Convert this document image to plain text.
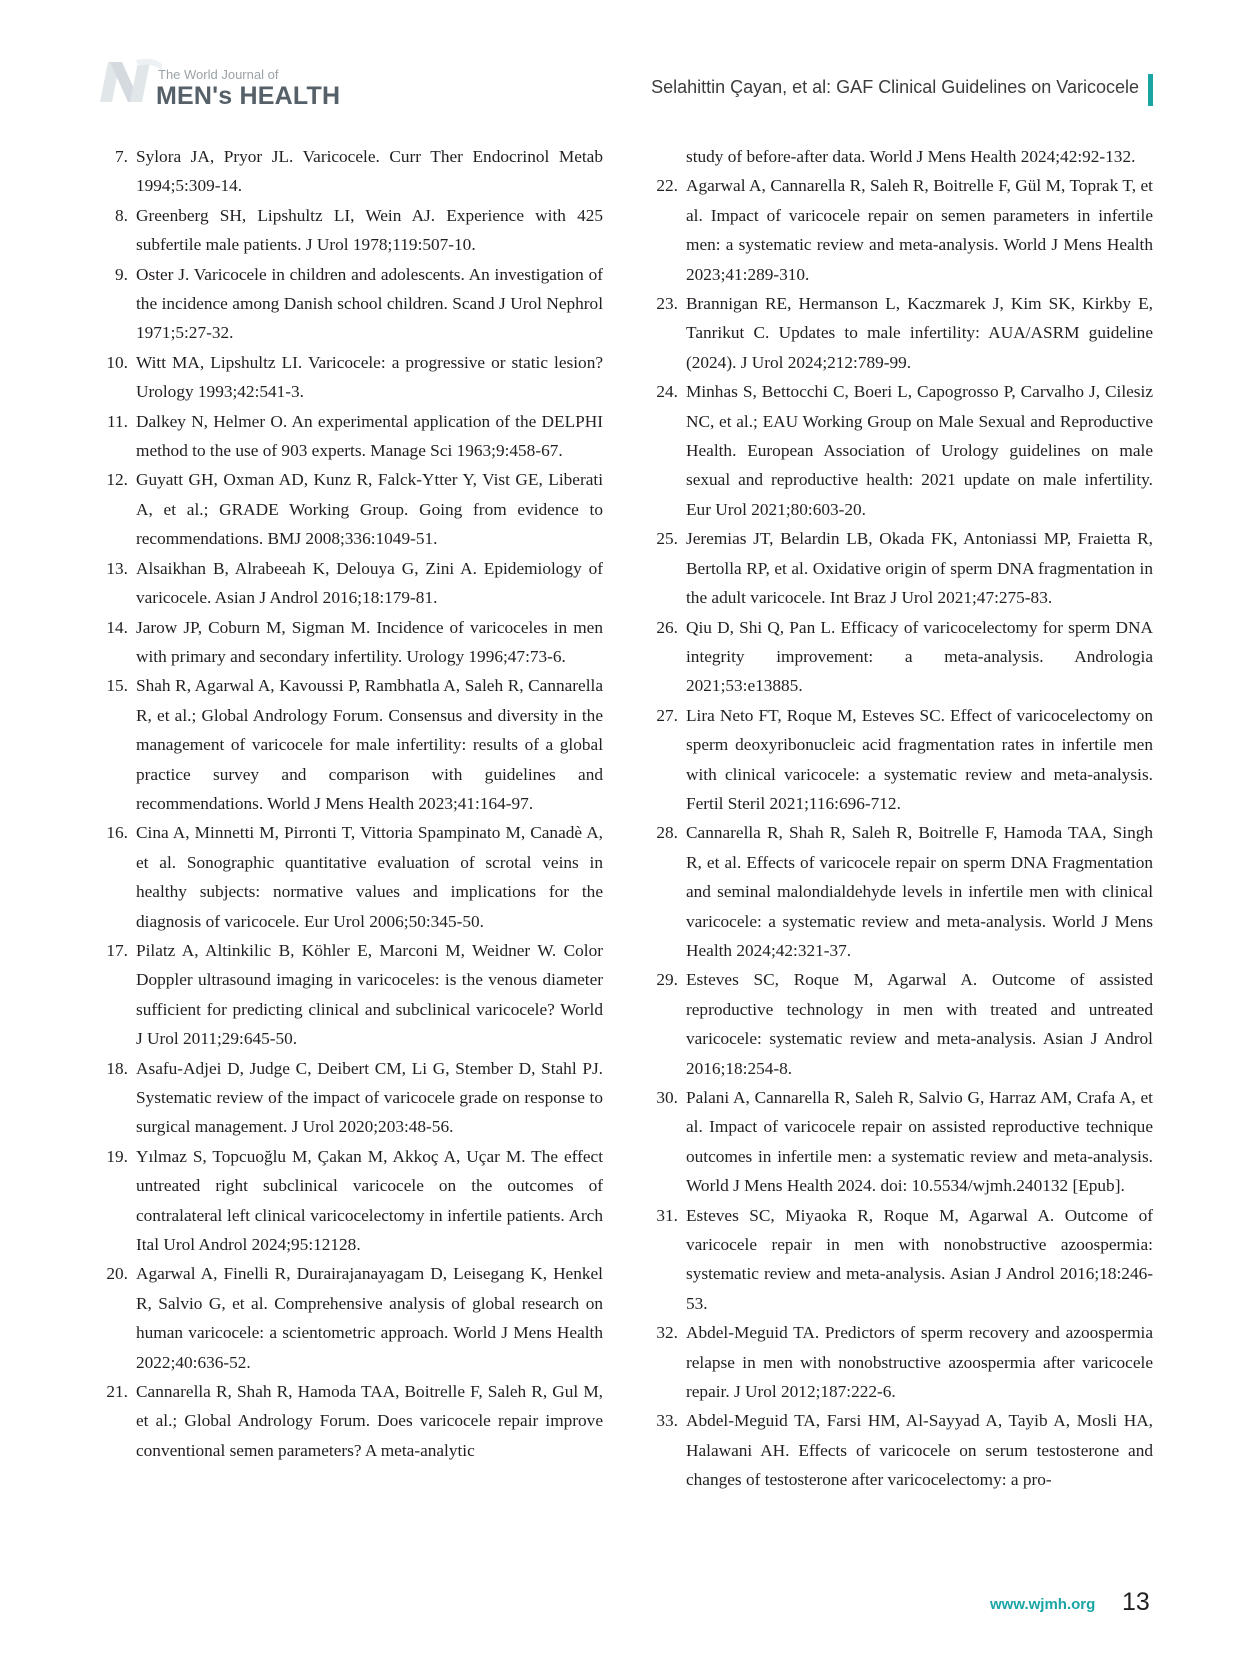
The World Journal of
MEN's HEALTH	Selahittin Çayan, et al: GAF Clinical Guidelines on Varicocele
7. Sylora JA, Pryor JL. Varicocele. Curr Ther Endocrinol Metab 1994;5:309-14.
8. Greenberg SH, Lipshultz LI, Wein AJ. Experience with 425 subfertile male patients. J Urol 1978;119:507-10.
9. Oster J. Varicocele in children and adolescents. An investigation of the incidence among Danish school children. Scand J Urol Nephrol 1971;5:27-32.
10. Witt MA, Lipshultz LI. Varicocele: a progressive or static lesion? Urology 1993;42:541-3.
11. Dalkey N, Helmer O. An experimental application of the DELPHI method to the use of 903 experts. Manage Sci 1963;9:458-67.
12. Guyatt GH, Oxman AD, Kunz R, Falck-Ytter Y, Vist GE, Liberati A, et al.; GRADE Working Group. Going from evidence to recommendations. BMJ 2008;336:1049-51.
13. Alsaikhan B, Alrabeeah K, Delouya G, Zini A. Epidemiology of varicocele. Asian J Androl 2016;18:179-81.
14. Jarow JP, Coburn M, Sigman M. Incidence of varicoceles in men with primary and secondary infertility. Urology 1996;47:73-6.
15. Shah R, Agarwal A, Kavoussi P, Rambhatla A, Saleh R, Cannarella R, et al.; Global Andrology Forum. Consensus and diversity in the management of varicocele for male infertility: results of a global practice survey and comparison with guidelines and recommendations. World J Mens Health 2023;41:164-97.
16. Cina A, Minnetti M, Pirronti T, Vittoria Spampinato M, Canadè A, et al. Sonographic quantitative evaluation of scrotal veins in healthy subjects: normative values and implications for the diagnosis of varicocele. Eur Urol 2006;50:345-50.
17. Pilatz A, Altinkilic B, Köhler E, Marconi M, Weidner W. Color Doppler ultrasound imaging in varicoceles: is the venous diameter sufficient for predicting clinical and subclinical varicocele? World J Urol 2011;29:645-50.
18. Asafu-Adjei D, Judge C, Deibert CM, Li G, Stember D, Stahl PJ. Systematic review of the impact of varicocele grade on response to surgical management. J Urol 2020;203:48-56.
19. Yılmaz S, Topcuoğlu M, Çakan M, Akkoç A, Uçar M. The effect untreated right subclinical varicocele on the outcomes of contralateral left clinical varicocelectomy in infertile patients. Arch Ital Urol Androl 2024;95:12128.
20. Agarwal A, Finelli R, Durairajanayagam D, Leisegang K, Henkel R, Salvio G, et al. Comprehensive analysis of global research on human varicocele: a scientometric approach. World J Mens Health 2022;40:636-52.
21. Cannarella R, Shah R, Hamoda TAA, Boitrelle F, Saleh R, Gul M, et al.; Global Andrology Forum. Does varicocele repair improve conventional semen parameters? A meta-analytic
study of before-after data. World J Mens Health 2024;42:92-132.
22. Agarwal A, Cannarella R, Saleh R, Boitrelle F, Gül M, Toprak T, et al. Impact of varicocele repair on semen parameters in infertile men: a systematic review and meta-analysis. World J Mens Health 2023;41:289-310.
23. Brannigan RE, Hermanson L, Kaczmarek J, Kim SK, Kirkby E, Tanrikut C. Updates to male infertility: AUA/ASRM guideline (2024). J Urol 2024;212:789-99.
24. Minhas S, Bettocchi C, Boeri L, Capogrosso P, Carvalho J, Cilesiz NC, et al.; EAU Working Group on Male Sexual and Reproductive Health. European Association of Urology guidelines on male sexual and reproductive health: 2021 update on male infertility. Eur Urol 2021;80:603-20.
25. Jeremias JT, Belardin LB, Okada FK, Antoniassi MP, Fraietta R, Bertolla RP, et al. Oxidative origin of sperm DNA fragmentation in the adult varicocele. Int Braz J Urol 2021;47:275-83.
26. Qiu D, Shi Q, Pan L. Efficacy of varicocelectomy for sperm DNA integrity improvement: a meta-analysis. Andrologia 2021;53:e13885.
27. Lira Neto FT, Roque M, Esteves SC. Effect of varicocelectomy on sperm deoxyribonucleic acid fragmentation rates in infertile men with clinical varicocele: a systematic review and meta-analysis. Fertil Steril 2021;116:696-712.
28. Cannarella R, Shah R, Saleh R, Boitrelle F, Hamoda TAA, Singh R, et al. Effects of varicocele repair on sperm DNA Fragmentation and seminal malondialdehyde levels in infertile men with clinical varicocele: a systematic review and meta-analysis. World J Mens Health 2024;42:321-37.
29. Esteves SC, Roque M, Agarwal A. Outcome of assisted reproductive technology in men with treated and untreated varicocele: systematic review and meta-analysis. Asian J Androl 2016;18:254-8.
30. Palani A, Cannarella R, Saleh R, Salvio G, Harraz AM, Crafa A, et al. Impact of varicocele repair on assisted reproductive technique outcomes in infertile men: a systematic review and meta-analysis. World J Mens Health 2024. doi: 10.5534/wjmh.240132 [Epub].
31. Esteves SC, Miyaoka R, Roque M, Agarwal A. Outcome of varicocele repair in men with nonobstructive azoospermia: systematic review and meta-analysis. Asian J Androl 2016;18:246-53.
32. Abdel-Meguid TA. Predictors of sperm recovery and azoospermia relapse in men with nonobstructive azoospermia after varicocele repair. J Urol 2012;187:222-6.
33. Abdel-Meguid TA, Farsi HM, Al-Sayyad A, Tayib A, Mosli HA, Halawani AH. Effects of varicocele on serum testosterone and changes of testosterone after varicocelectomy: a pro-
www.wjmh.org 13
